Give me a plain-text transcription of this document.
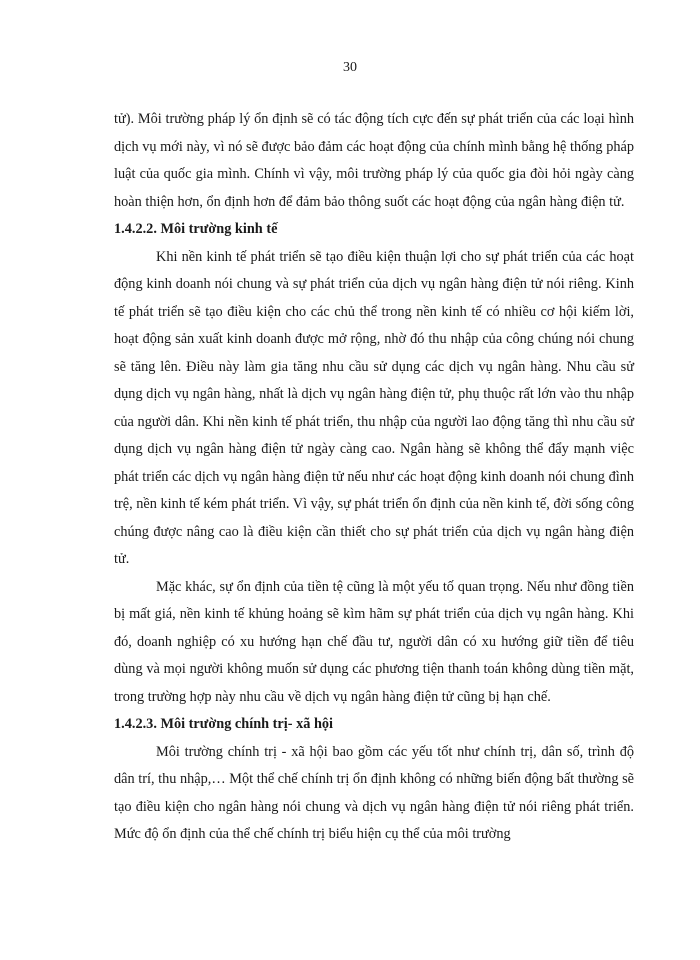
30

tử). Môi trường pháp lý ổn định sẽ có tác động tích cực đến sự phát triển của các loại hình dịch vụ mới này, vì nó sẽ được bảo đảm các hoạt động của chính mình bằng hệ thống pháp luật của quốc gia mình. Chính vì vậy, môi trường pháp lý của quốc gia đòi hỏi ngày càng hoàn thiện hơn, ổn định hơn để đảm bảo thông suốt các hoạt động của ngân hàng điện tử.

1.4.2.2. Môi trường kinh tế

Khi nền kinh tế phát triển sẽ tạo điều kiện thuận lợi cho sự phát triển của các hoạt động kinh doanh nói chung và sự phát triển của dịch vụ ngân hàng điện tử nói riêng. Kinh tế phát triển sẽ tạo điều kiện cho các chủ thể trong nền kinh tế có nhiều cơ hội kiếm lời, hoạt động sản xuất kinh doanh được mở rộng, nhờ đó thu nhập của công chúng nói chung sẽ tăng lên. Điều này làm gia tăng nhu cầu sử dụng các dịch vụ ngân hàng. Nhu cầu sử dụng dịch vụ ngân hàng, nhất là dịch vụ ngân hàng điện tử, phụ thuộc rất lớn vào thu nhập của người dân. Khi nền kinh tế phát triển, thu nhập của người lao động tăng thì nhu cầu sử dụng dịch vụ ngân hàng điện tử ngày càng cao. Ngân hàng sẽ không thể đẩy mạnh việc phát triển các dịch vụ ngân hàng điện tử nếu như các hoạt động kinh doanh nói chung đình trệ, nền kinh tế kém phát triển. Vì vậy, sự phát triển ổn định của nền kinh tế, đời sống công chúng được nâng cao là điều kiện cần thiết cho sự phát triển của dịch vụ ngân hàng điện tử.

Mặc khác, sự ổn định của tiền tệ cũng là một yếu tố quan trọng. Nếu như đồng tiền bị mất giá, nền kinh tế khủng hoảng sẽ kìm hãm sự phát triển của dịch vụ ngân hàng. Khi đó, doanh nghiệp có xu hướng hạn chế đầu tư, người dân có xu hướng giữ tiền để tiêu dùng và mọi người không muốn sử dụng các phương tiện thanh toán không dùng tiền mặt, trong trường hợp này nhu cầu về dịch vụ ngân hàng điện tử cũng bị hạn chế.

1.4.2.3. Môi trường chính trị- xã hội

Môi trường chính trị - xã hội bao gồm các yếu tốt như chính trị, dân số, trình độ dân trí, thu nhập,… Một thể chế chính trị ổn định không có những biến động bất thường sẽ tạo điều kiện cho ngân hàng nói chung và dịch vụ ngân hàng điện tử nói riêng phát triển. Mức độ ổn định của thể chế chính trị biểu hiện cụ thể của môi trường
